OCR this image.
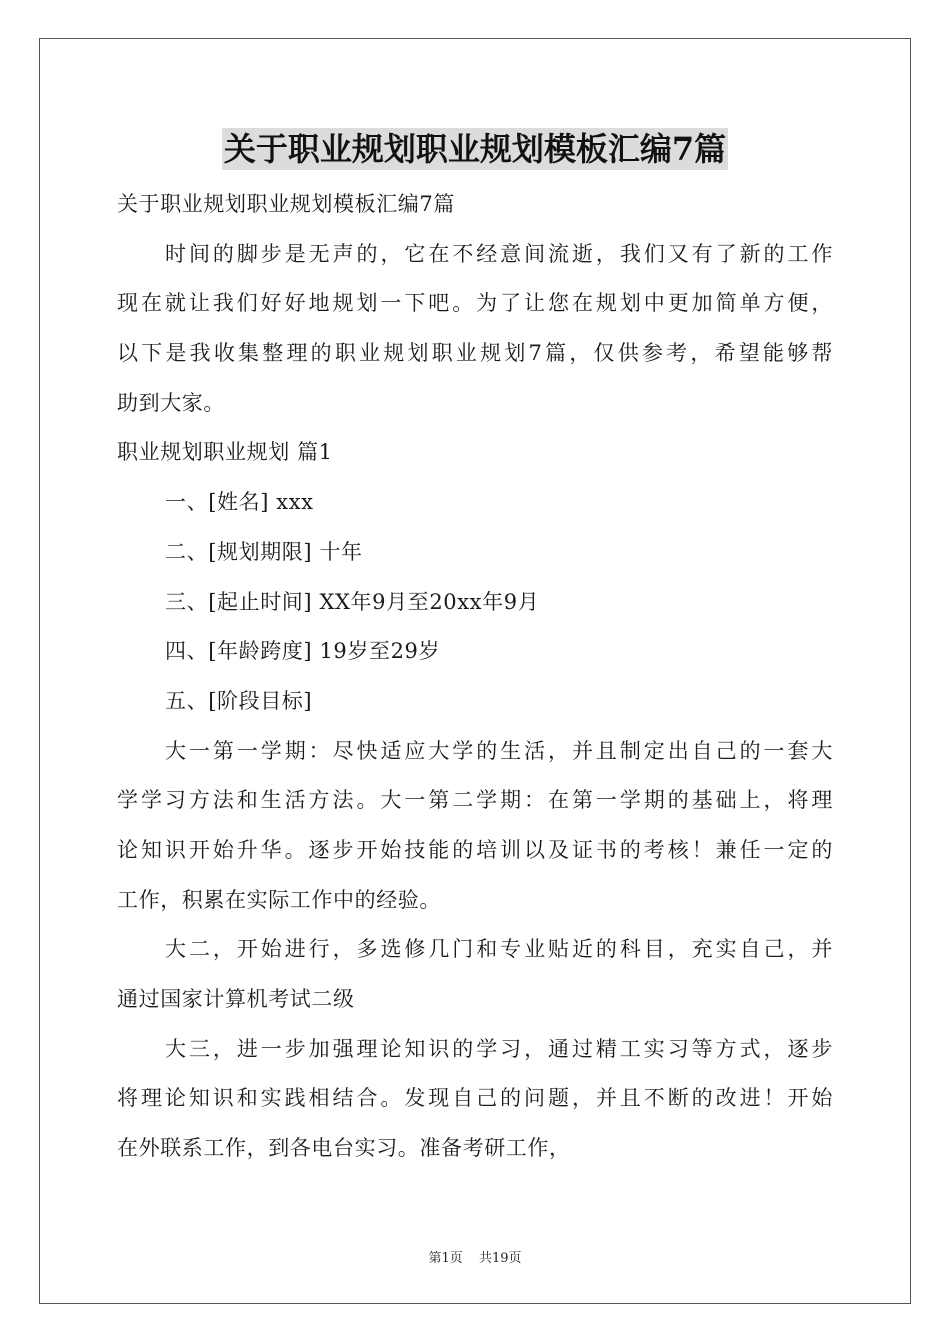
关于职业规划职业规划模板汇编7篇

关于职业规划职业规划模板汇编7篇

时间的脚步是无声的，它在不经意间流逝，我们又有了新的工作

现在就让我们好好地规划一下吧。为了让您在规划中更加简单方便，

以下是我收集整理的职业规划职业规划7篇，仅供参考，希望能够帮

助到大家。

职业规划职业规划 篇1

一、[姓名] xxx

二、[规划期限] 十年

三、[起止时间] XX年9月至20xx年9月

四、[年龄跨度] 19岁至29岁

五、[阶段目标]

大一第一学期：尽快适应大学的生活，并且制定出自己的一套大

学学习方法和生活方法。大一第二学期：在第一学期的基础上，将理

论知识开始升华。逐步开始技能的培训以及证书的考核！兼任一定的

工作，积累在实际工作中的经验。

大二，开始进行，多选修几门和专业贴近的科目，充实自己，并

通过国家计算机考试二级

大三，进一步加强理论知识的学习，通过精工实习等方式，逐步

将理论知识和实践相结合。发现自己的问题，并且不断的改进！开始

在外联系工作，到各电台实习。准备考研工作，

第1页 共19页
